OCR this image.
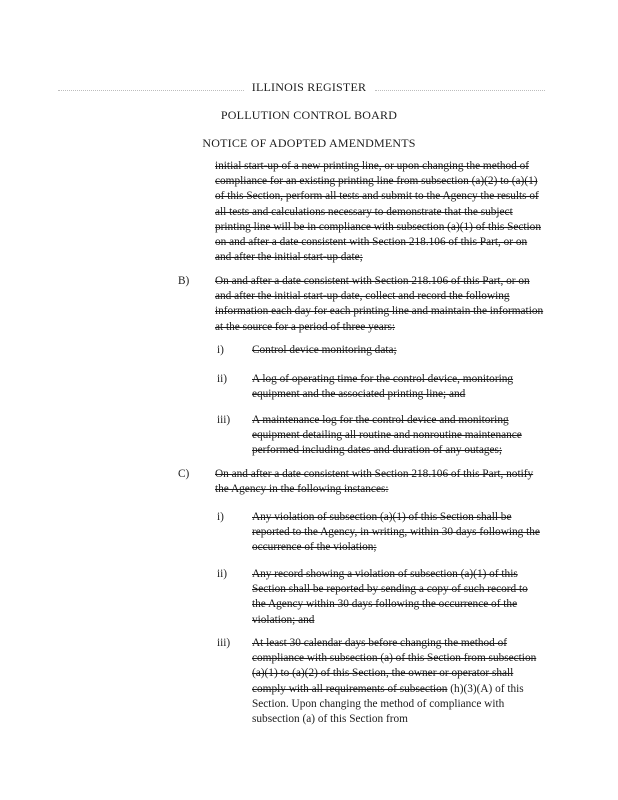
ILLINOIS REGISTER
POLLUTION CONTROL BOARD
NOTICE OF ADOPTED AMENDMENTS
initial start-up of a new printing line, or upon changing the method of compliance for an existing printing line from subsection (a)(2) to (a)(1) of this Section, perform all tests and submit to the Agency the results of all tests and calculations necessary to demonstrate that the subject printing line will be in compliance with subsection (a)(1) of this Section on and after a date consistent with Section 218.106 of this Part, or on and after the initial start-up date;
B) On and after a date consistent with Section 218.106 of this Part, or on and after the initial start-up date, collect and record the following information each day for each printing line and maintain the information at the source for a period of three years:
i) Control device monitoring data;
ii) A log of operating time for the control device, monitoring equipment and the associated printing line; and
iii) A maintenance log for the control device and monitoring equipment detailing all routine and nonroutine maintenance performed including dates and duration of any outages;
C) On and after a date consistent with Section 218.106 of this Part, notify the Agency in the following instances:
i) Any violation of subsection (a)(1) of this Section shall be reported to the Agency, in writing, within 30 days following the occurrence of the violation;
ii) Any record showing a violation of subsection (a)(1) of this Section shall be reported by sending a copy of such record to the Agency within 30 days following the occurrence of the violation; and
iii) At least 30 calendar days before changing the method of compliance with subsection (a) of this Section from subsection (a)(1) to (a)(2) of this Section, the owner or operator shall comply with all requirements of subsection (h)(3)(A) of this Section. Upon changing the method of compliance with subsection (a) of this Section from
